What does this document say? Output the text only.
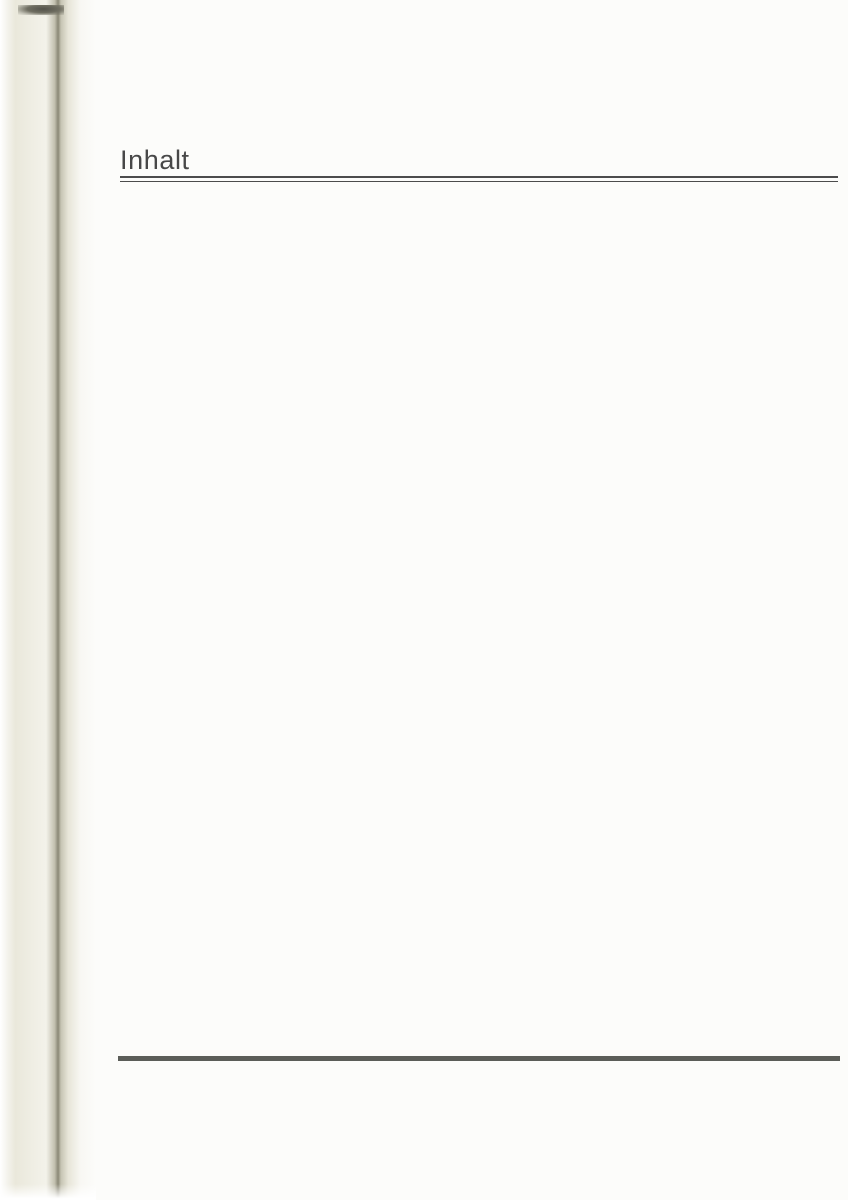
Inhalt
